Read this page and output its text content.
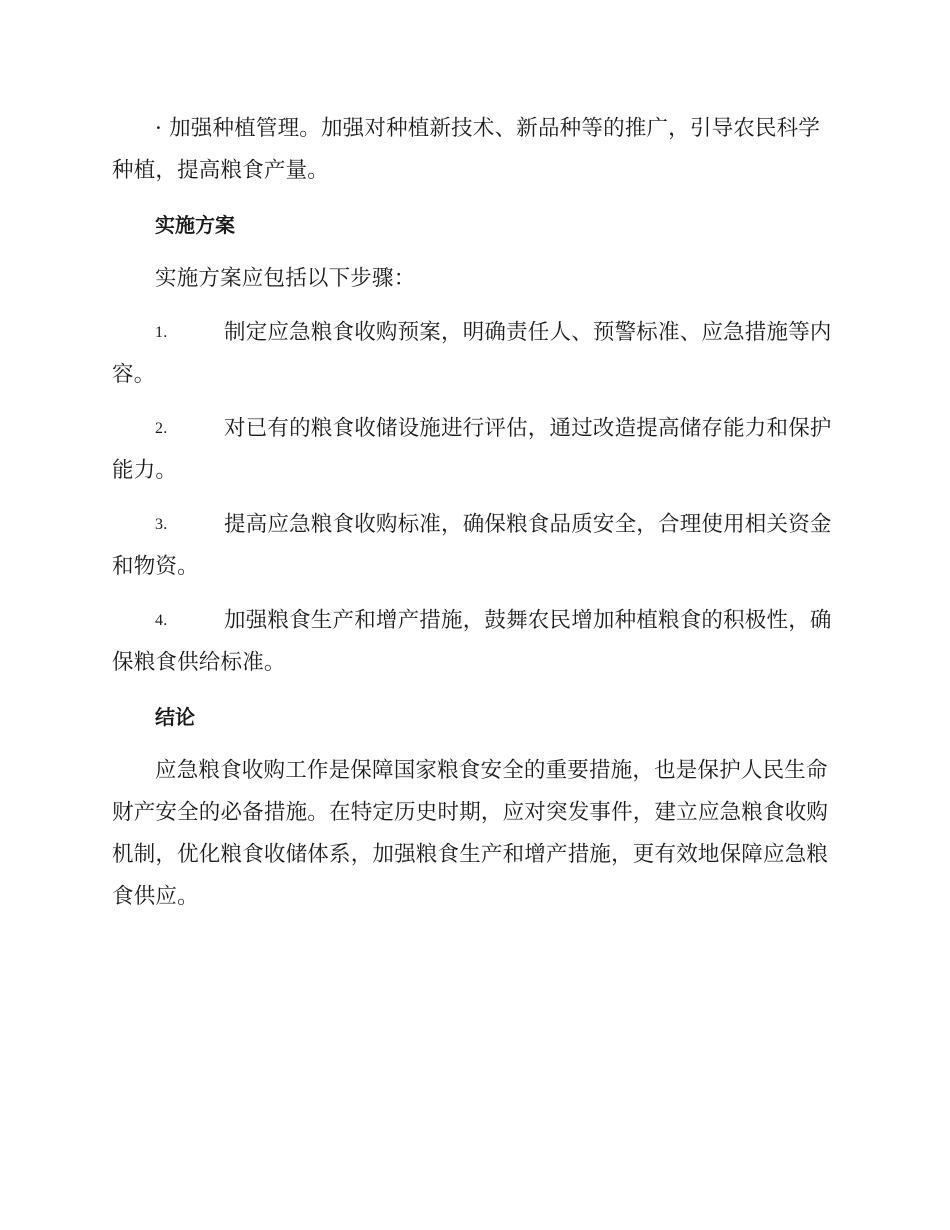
· 加强种植管理。加强对种植新技术、新品种等的推广，引导农民科学种植，提高粮食产量。

实施方案

实施方案应包括以下步骤：

1.	制定应急粮食收购预案，明确责任人、预警标准、应急措施等内容。
2.	对已有的粮食收储设施进行评估，通过改造提高储存能力和保护能力。
3.	提高应急粮食收购标准，确保粮食品质安全，合理使用相关资金和物资。
4.	加强粮食生产和增产措施，鼓舞农民增加种植粮食的积极性，确保粮食供给标准。
结论

应急粮食收购工作是保障国家粮食安全的重要措施，也是保护人民生命财产安全的必备措施。在特定历史时期，应对突发事件，建立应急粮食收购机制，优化粮食收储体系，加强粮食生产和增产措施，更有效地保障应急粮食供应。
